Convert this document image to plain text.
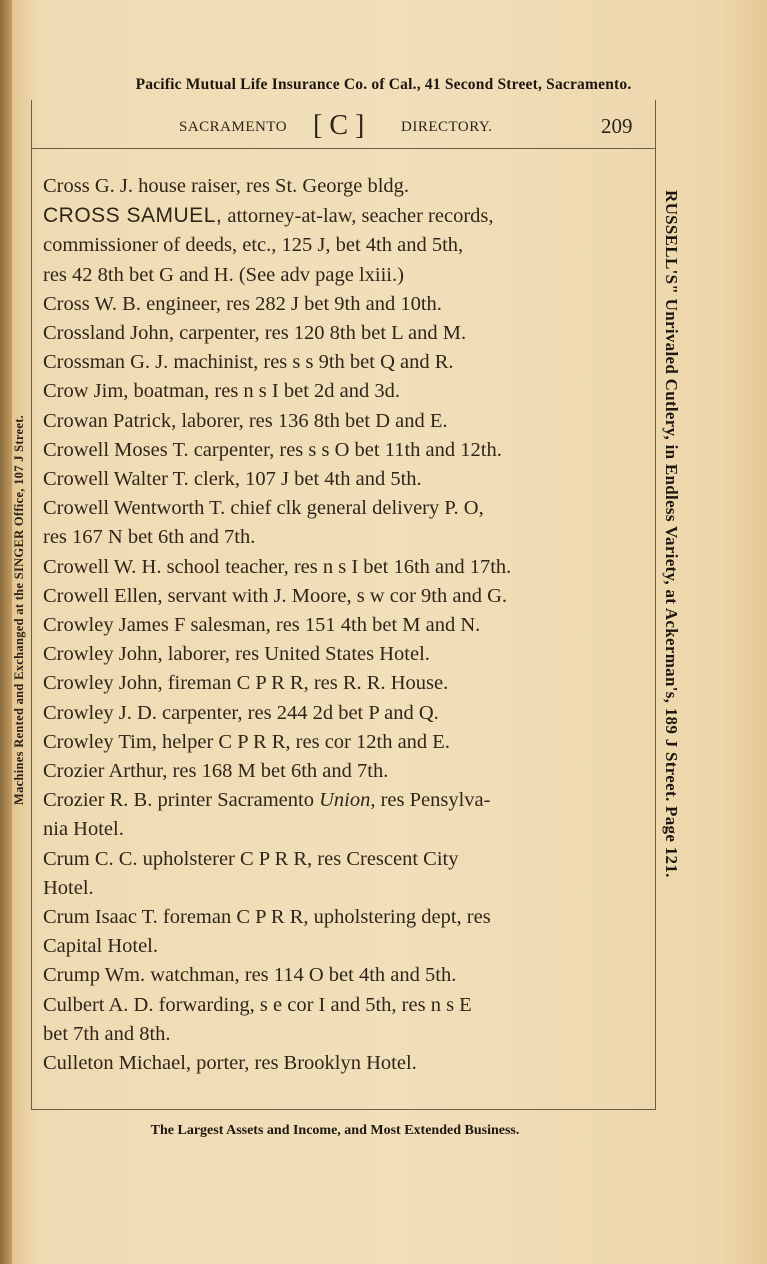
Pacific Mutual Life Insurance Co. of Cal., 41 Second Street, Sacramento.
SACRAMENTO [ C ] DIRECTORY.	209
Cross G. J. house raiser, res St. George bldg.
CROSS SAMUEL, attorney-at-law, seacher records,
commissioner of deeds, etc., 125 J, bet 4th and 5th,
res 42 8th bet G and H. (See adv page lxiii.)
Cross W. B. engineer, res 282 J bet 9th and 10th.
Crossland John, carpenter, res 120 8th bet L and M.
Crossman G. J. machinist, res s s 9th bet Q and R.
Crow Jim, boatman, res n s I bet 2d and 3d.
Crowan Patrick, laborer, res 136 8th bet D and E.
Crowell Moses T. carpenter, res s s O bet 11th and 12th.
Crowell Walter T. clerk, 107 J bet 4th and 5th.
Crowell Wentworth T. chief clk general delivery P. O,
res 167 N bet 6th and 7th.
Crowell W. H. school teacher, res n s I bet 16th and 17th.
Crowell Ellen, servant with J. Moore, s w cor 9th and G.
Crowley James F salesman, res 151 4th bet M and N.
Crowley John, laborer, res United States Hotel.
Crowley John, fireman C P R R, res R. R. House.
Crowley J. D. carpenter, res 244 2d bet P and Q.
Crowley Tim, helper C P R R, res cor 12th and E.
Crozier Arthur, res 168 M bet 6th and 7th.
Crozier R. B. printer Sacramento Union, res Pensylva-
nia Hotel.
Crum C. C. upholsterer C P R R, res Crescent City
Hotel.
Crum Isaac T. foreman C P R R, upholstering dept, res
Capital Hotel.
Crump Wm. watchman, res 114 O bet 4th and 5th.
Culbert A. D. forwarding, s e cor I and 5th, res n s E
bet 7th and 8th.
Culleton Michael, porter, res Brooklyn Hotel.
RUSSELL'S" Unrivaled Cutlery, in Endless Variety, at Ackerman's, 189 J Street. Page 121.
Machines Rented and Exchanged at the SINGER Office, 107 J Street.
The Largest Assets and Income, and Most Extended Business.
